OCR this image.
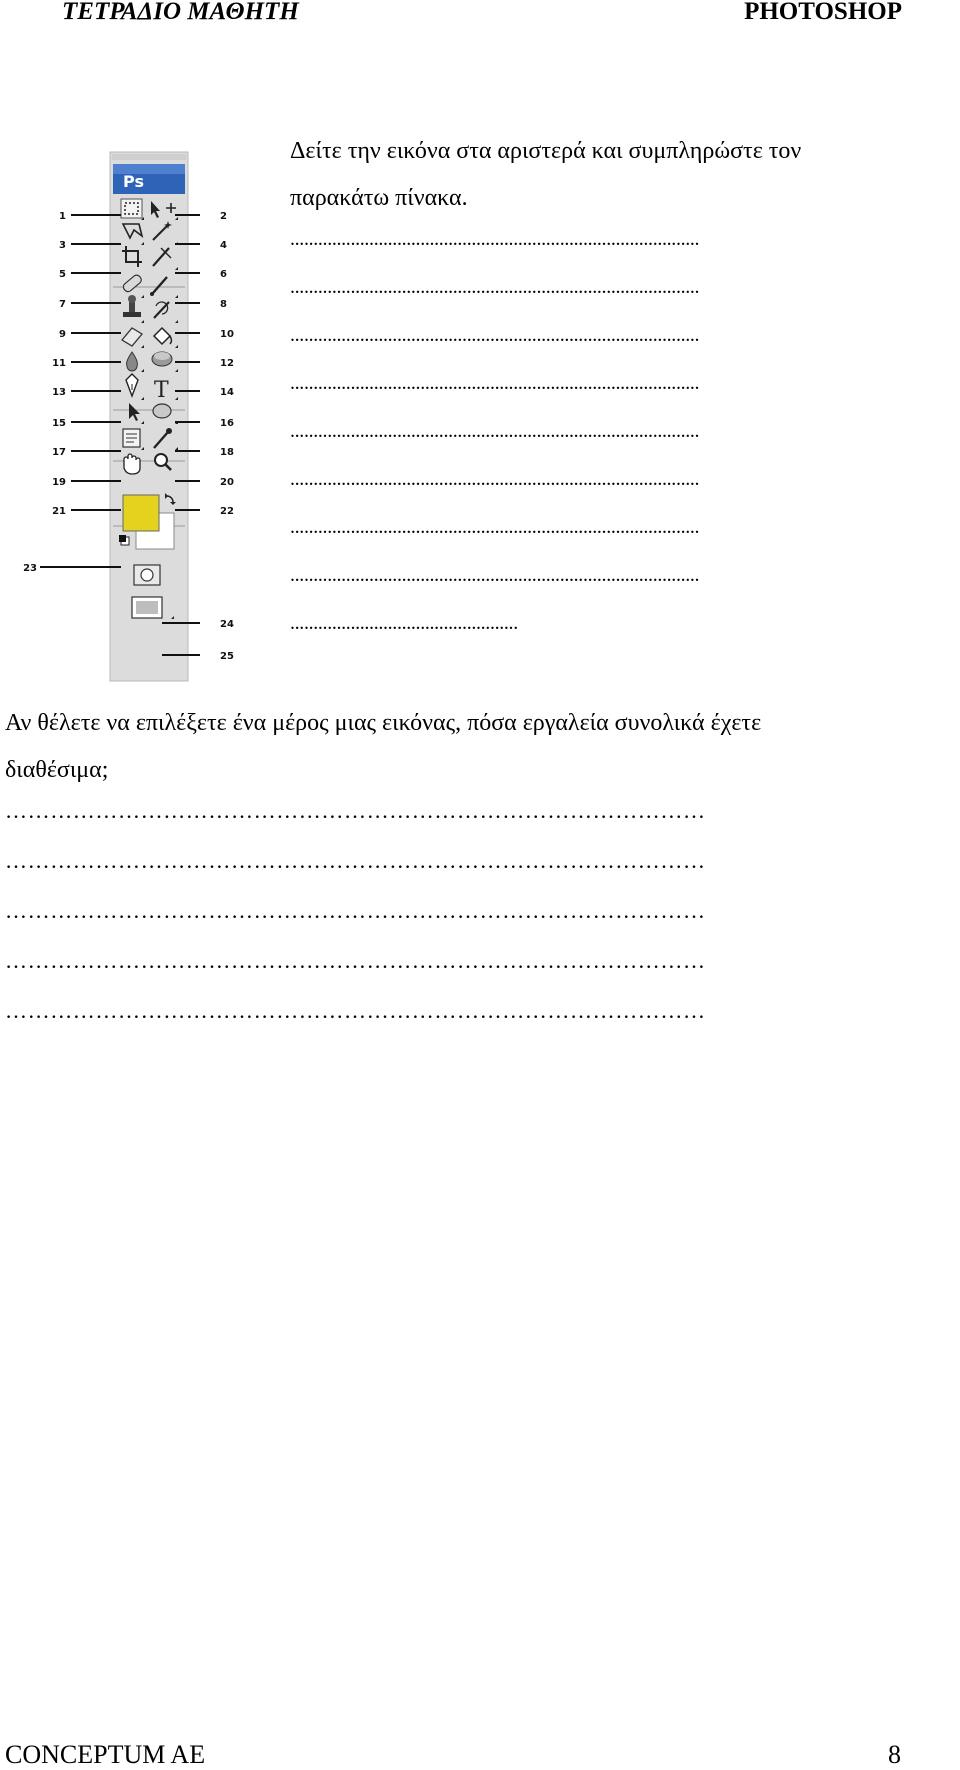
ΤΕΤΡΑΔΙΟ ΜΑΘΗΤΗ	PHOTOSHOP
Ps
T
1	2
3	4
5	6
7	8
9	10
11	12
13	14
15	16
17	18
19	20
21	22
23
24
25

Δείτε την εικόνα στα αριστερά και συμπληρώστε τον

παρακάτω πίνακα.

........................................................................................
........................................................................................
........................................................................................
........................................................................................
........................................................................................
........................................................................................
........................................................................................
........................................................................................
.................................................

Αν θέλετε να επιλέξετε ένα μέρος μιας εικόνας, πόσα εργαλεία συνολικά έχετε

διαθέσιμα;

…………………………………………………………………………………
…………………………………………………………………………………
…………………………………………………………………………………
…………………………………………………………………………………
…………………………………………………………………………………
CONCEPTUM AE	8
